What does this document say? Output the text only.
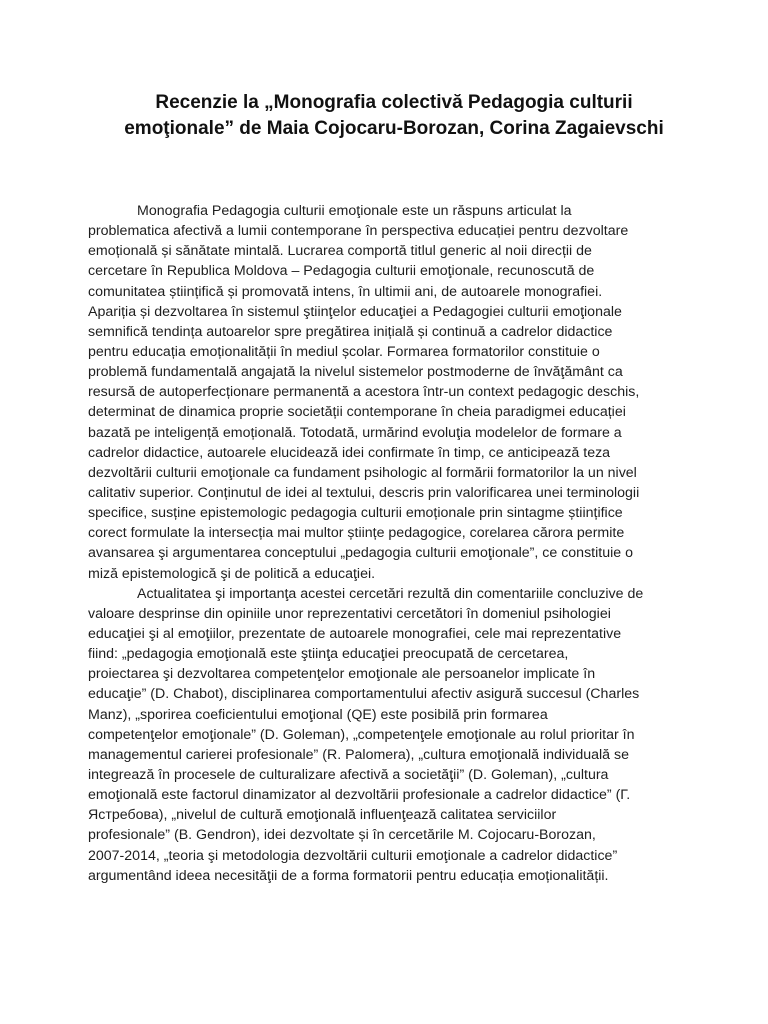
Recenzie la „Monografia colectivă Pedagogia culturii
emoţionale” de Maia Cojocaru-Borozan, Corina Zagaievschi
Monografia Pedagogia culturii emoţionale este un răspuns articulat la
problematica afectivă a lumii contemporane în perspectiva educației pentru dezvoltare
emoțională și sănătate mintală. Lucrarea comportă titlul generic al noii direcții de
cercetare în Republica Moldova – Pedagogia culturii emoţionale, recunoscută de
comunitatea științifică și promovată intens, în ultimii ani, de autoarele monografiei.
Apariția și dezvoltarea în sistemul ştiinţelor educaţiei a Pedagogiei culturii emoţionale
semnifică tendința autoarelor spre pregătirea inițială și continuă a cadrelor didactice
pentru educația emoționalității în mediul școlar. Formarea formatorilor constituie o
problemă fundamentală angajată la nivelul sistemelor postmoderne de învăţământ ca
resursă de autoperfecționare permanentă a acestora într-un context pedagogic deschis,
determinat de dinamica proprie societății contemporane în cheia paradigmei educației
bazată pe inteligență emoțională. Totodată, urmărind evoluţia modelelor de formare a
cadrelor didactice, autoarele elucidează idei confirmate în timp, ce anticipează teza
dezvoltării culturii emoţionale ca fundament psihologic al formării formatorilor la un nivel
calitativ superior. Conținutul de idei al textului, descris prin valorificarea unei terminologii
specifice, susține epistemologic pedagogia culturii emoționale prin sintagme științifice
corect formulate la intersecția mai multor științe pedagogice, corelarea cărora permite
avansarea şi argumentarea conceptului „pedagogia culturii emoţionale”, ce constituie o
miză epistemologică şi de politică a educaţiei.
Actualitatea şi importanţa acestei cercetări rezultă din comentariile concluzive de
valoare desprinse din opiniile unor reprezentativi cercetători în domeniul psihologiei
educaţiei şi al emoţiilor, prezentate de autoarele monografiei, cele mai reprezentative
fiind: „pedagogia emoţională este ştiinţa educaţiei preocupată de cercetarea,
proiectarea şi dezvoltarea competenţelor emoţionale ale persoanelor implicate în
educaţie” (D. Chabot), disciplinarea comportamentului afectiv asigură succesul (Charles
Manz), „sporirea coeficientului emoţional (QE) este posibilă prin formarea
competenţelor emoţionale” (D. Goleman), „competenţele emoţionale au rolul prioritar în
managementul carierei profesionale” (R. Palomera), „cultura emoţională individuală se
integrează în procesele de culturalizare afectivă a societăţii” (D. Goleman), „cultura
emoţională este factorul dinamizator al dezvoltării profesionale a cadrelor didactice” (Г.
Ястребова), „nivelul de cultură emoţională influenţează calitatea serviciilor
profesionale” (B. Gendron), idei dezvoltate și în cercetările M. Cojocaru-Borozan,
2007-2014, „teoria şi metodologia dezvoltării culturii emoţionale a cadrelor didactice”
argumentând ideea necesităţii de a forma formatorii pentru educația emoționalității.
